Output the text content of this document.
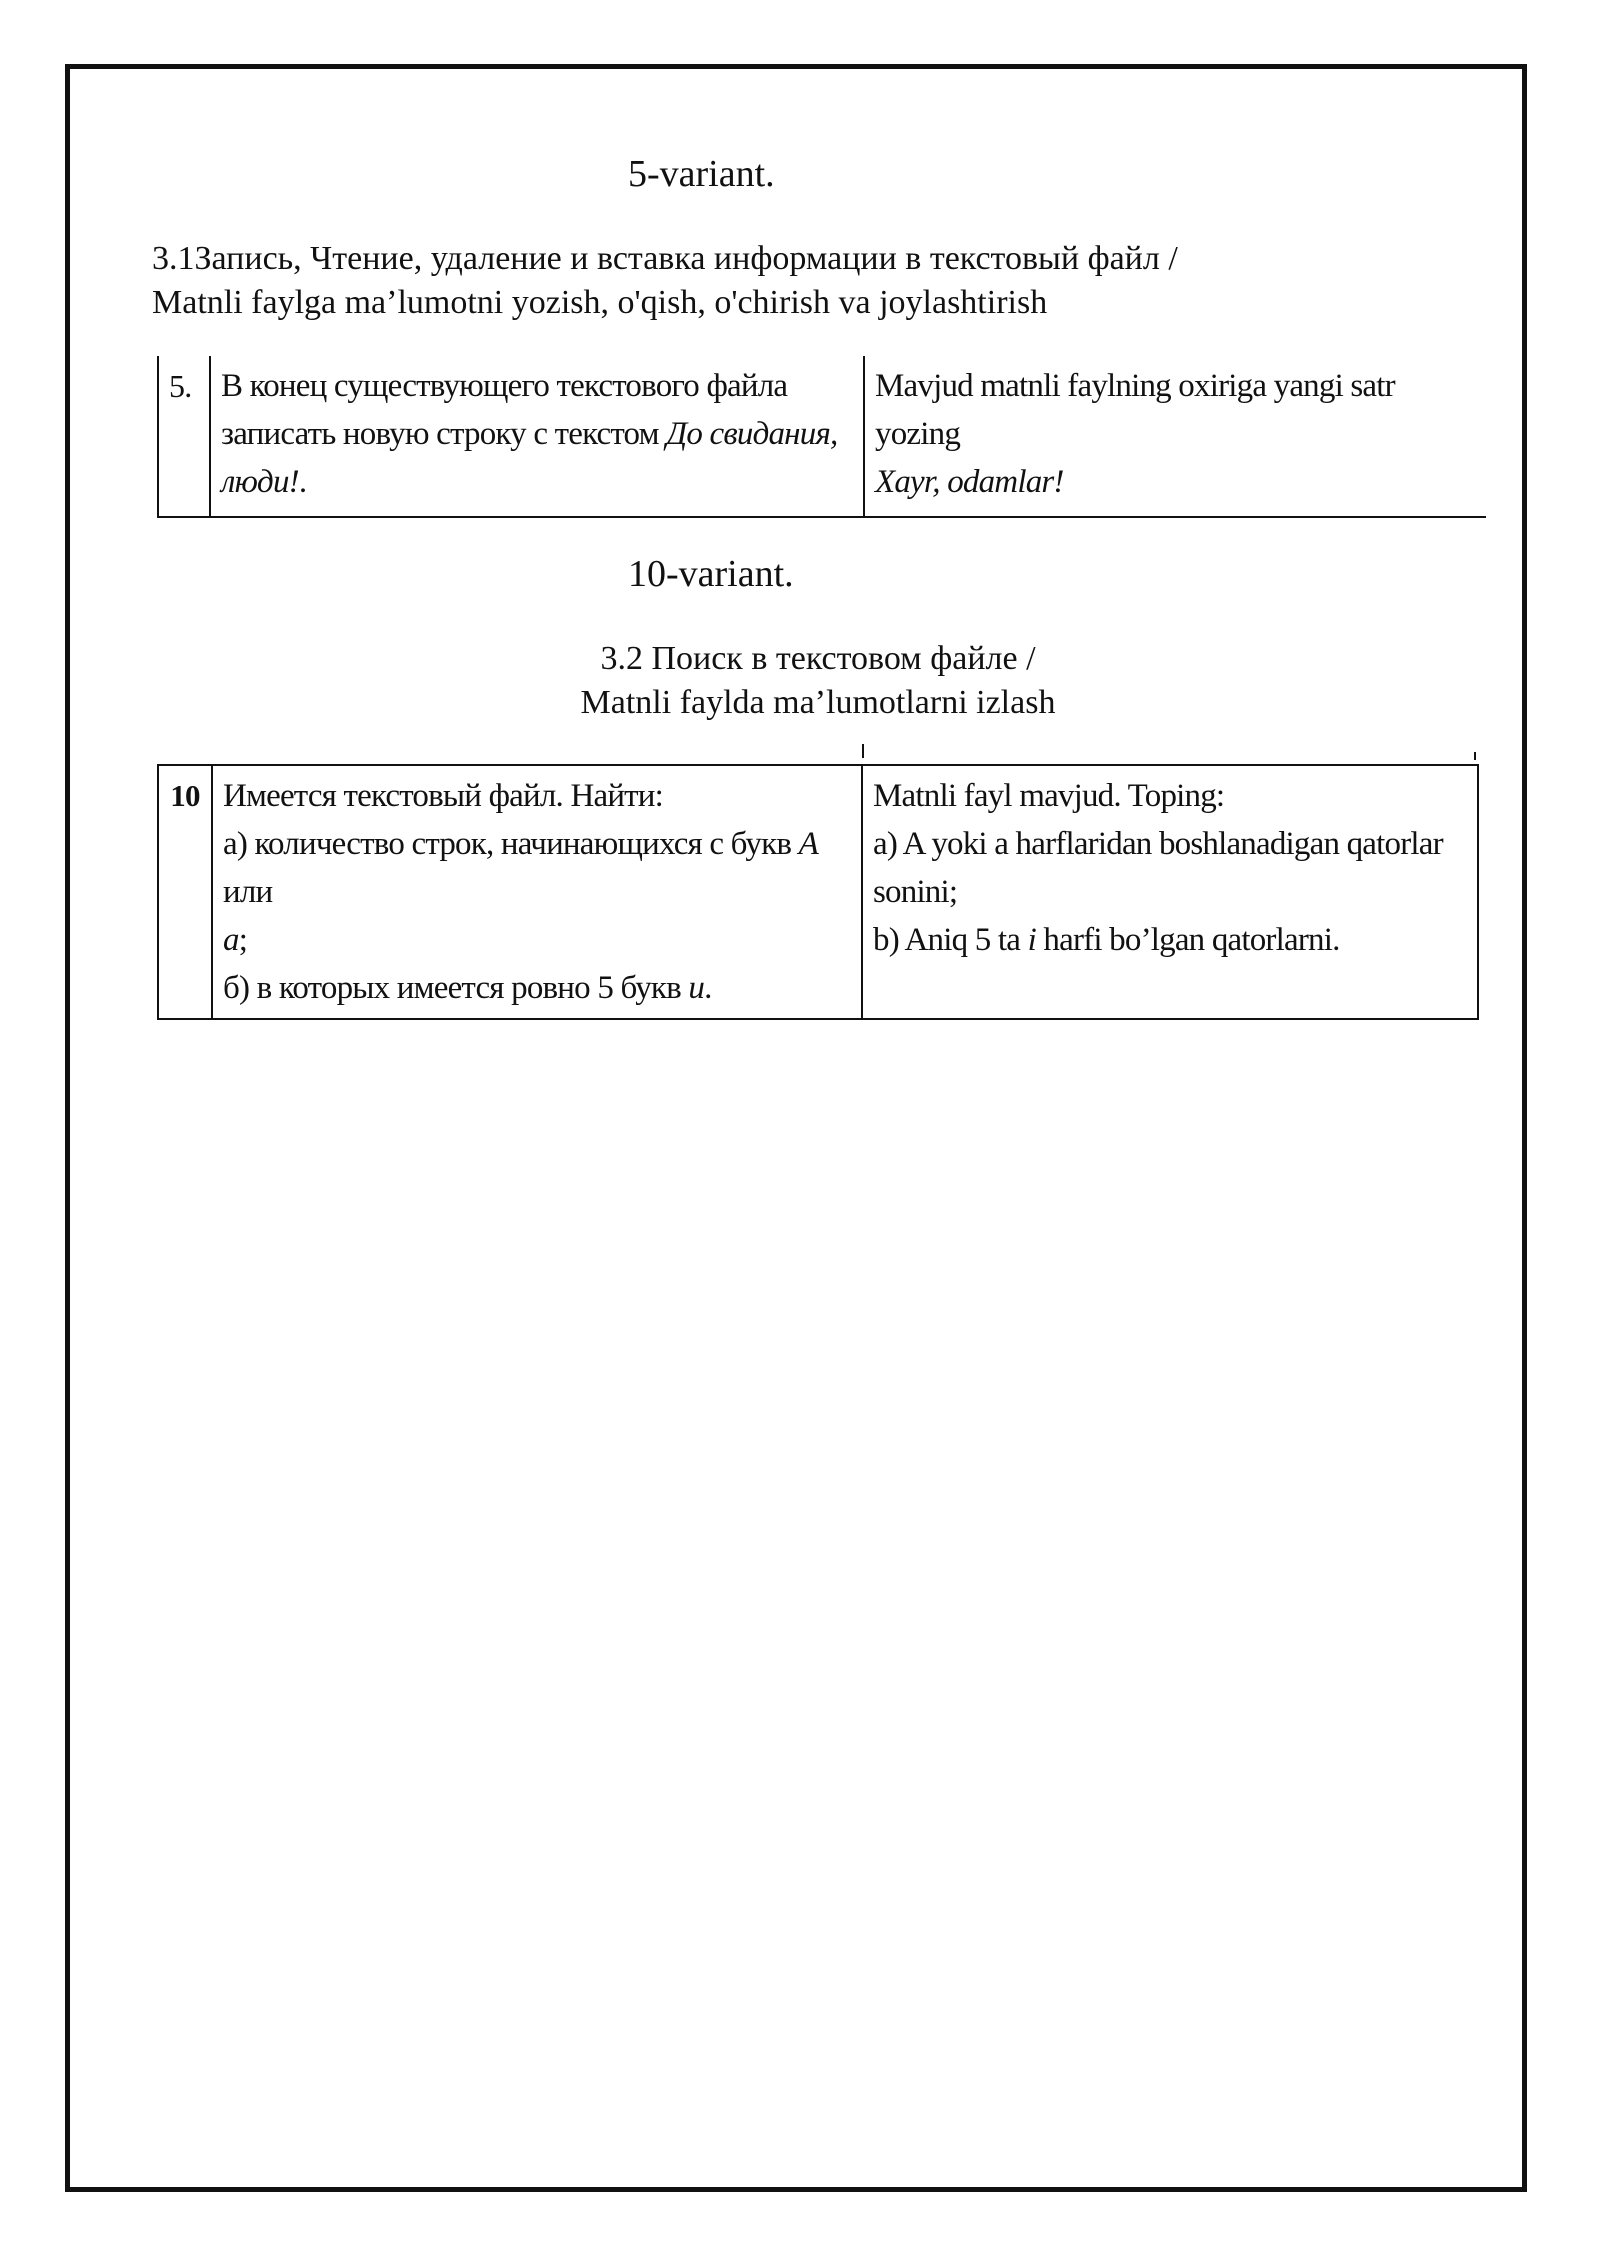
5-variant.
3.1Запись, Чтение, удаление и вставка информации в текстовый файл /
Matnli faylga ma’lumotni yozish, o'qish, o'chirish va joylashtirish
5.	В конец существующего текстового файла
записать новую строку с текстом До свидания,
люди!.

Mavjud matnli faylning oxiriga yangi satr yozing
Xayr, odamlar!
10-variant.
3.2 Поиск в текстовом файле /
Matnli faylda ma’lumotlarni izlash
10	Имеется текстовый файл. Найти:
а) количество строк, начинающихся с букв А или
а;
б) в которых имеется ровно 5 букв и.

Matnli fayl mavjud. Toping:
a) A yoki a harflaridan boshlanadigan qatorlar
sonini;
b) Aniq 5 ta i harfi bo’lgan qatorlarni.
